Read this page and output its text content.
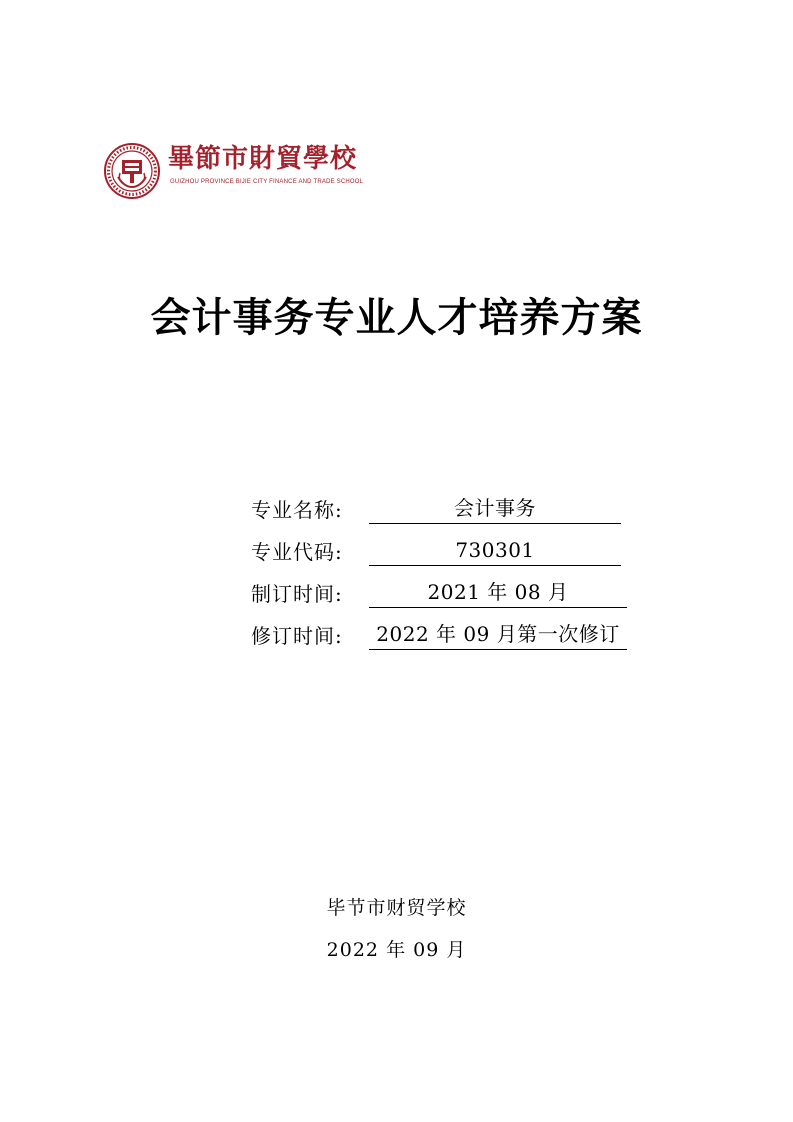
畢節市財貿學校
GUIZHOU PROVINCE BIJIE CITY FINANCE AND TRADE SCHOOL
会计事务专业人才培养方案
专业名称:	会计事务
专业代码:	730301
制订时间:	2021 年 08 月
修订时间:	2022 年 09 月第一次修订
毕节市财贸学校
2022 年 09 月
